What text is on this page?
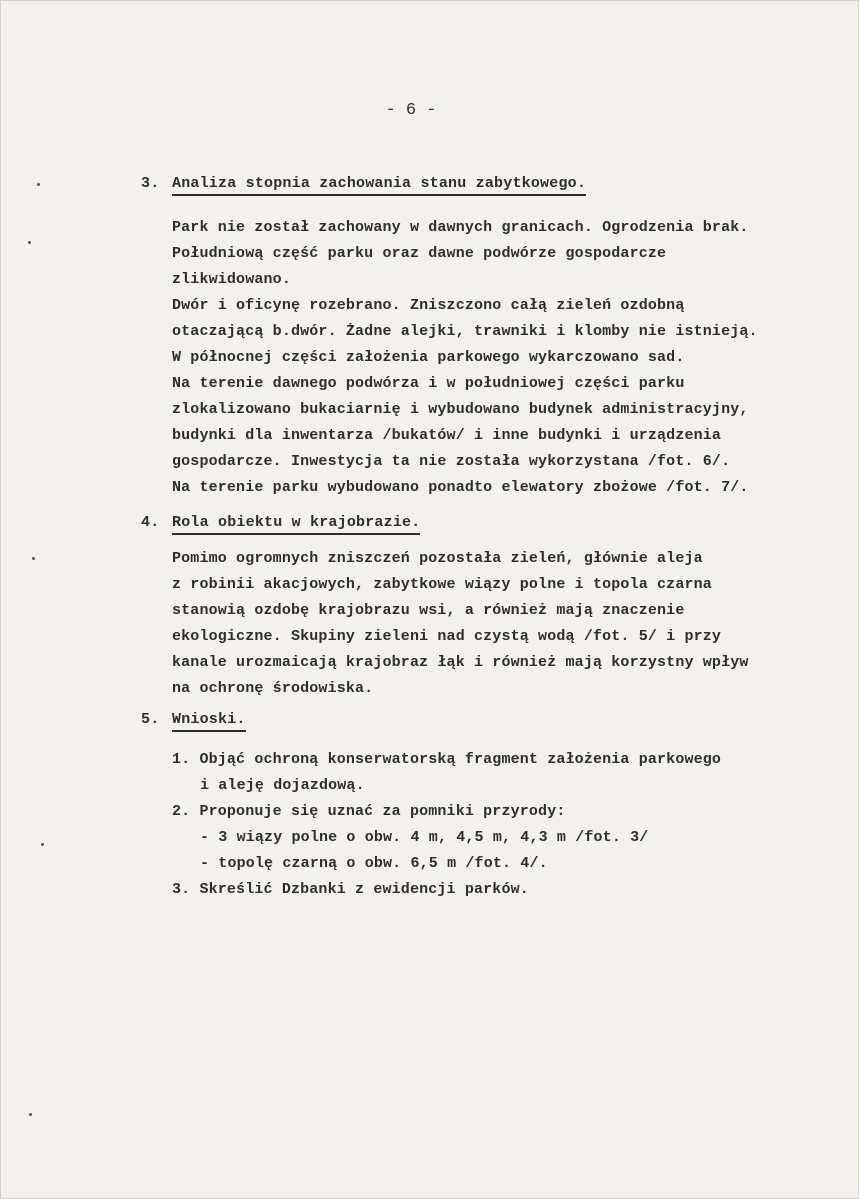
- 6 -
3. Analiza stopnia zachowania stanu zabytkowego.
Park nie został zachowany w dawnych granicach. Ogrodzenia brak.
Południową część parku oraz dawne podwórze gospodarcze
zlikwidowano.
Dwór i oficynę rozebrano. Zniszczono całą zieleń ozdobną
otaczającą b.dwór. Żadne alejki, trawniki i klomby nie istnieją.
W północnej części założenia parkowego wykarczowano sad.
Na terenie dawnego podwórza i w południowej części parku
zlokalizowano bukaciarnię i wybudowano budynek administracyjny,
budynki dla inwentarza /bukatów/ i inne budynki i urządzenia
gospodarcze. Inwestycja ta nie została wykorzystana /fot. 6/.
Na terenie parku wybudowano ponadto elewatory zbożowe /fot. 7/.
4. Rola obiektu w krajobrazie.
Pomimo ogromnych zniszczeń pozostała zieleń, głównie aleja
z robinii akacjowych, zabytkowe wiązy polne i topola czarna
stanowią ozdobę krajobrazu wsi, a również mają znaczenie
ekologiczne. Skupiny zieleni nad czystą wodą /fot. 5/ i przy
kanale urozmaicają krajobraz łąk i również mają korzystny wpływ
na ochronę środowiska.
5. Wnioski.
1. Objąć ochroną konserwatorską fragment założenia parkowego
i aleję dojazdową.
2. Proponuje się uznać za pomniki przyrody:
- 3 wiązy polne o obw. 4 m, 4,5 m, 4,3 m /fot. 3/
- topolę czarną o obw. 6,5 m /fot. 4/.
3. Skreślić Dzbanki z ewidencji parków.
